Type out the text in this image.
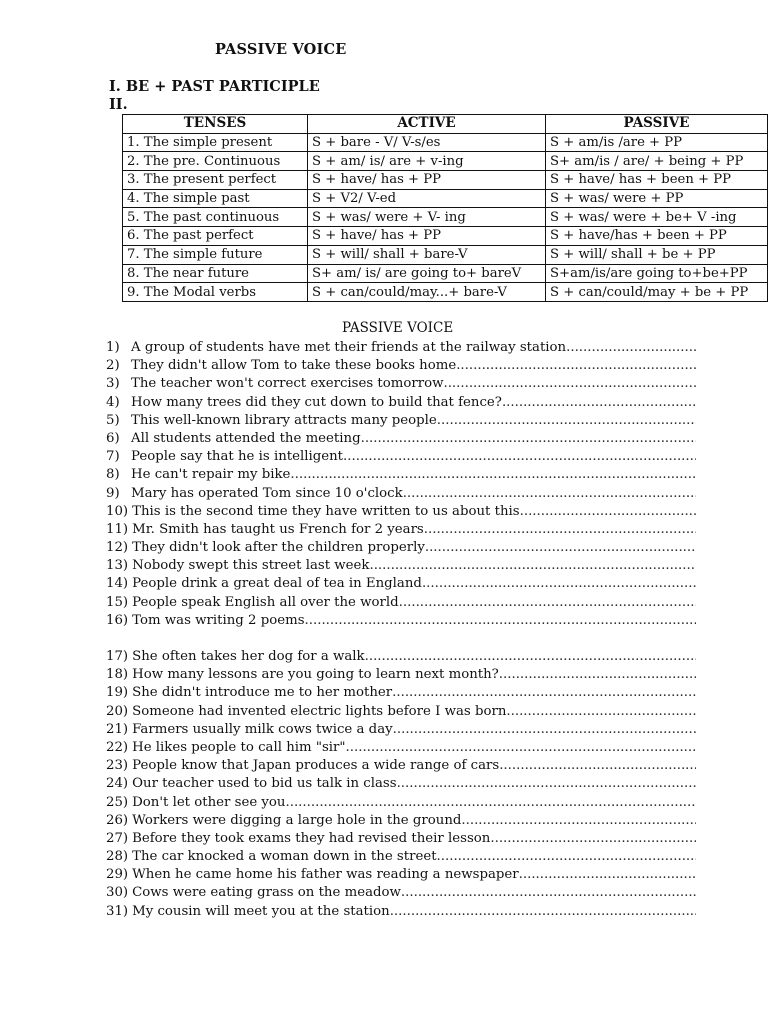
PASSIVE VOICE
I. BE + PAST PARTICIPLE
II.
TENSES	ACTIVE	PASSIVE
1. The simple present	S + bare - V/ V-s/es	S + am/is /are + PP
2. The pre. Continuous	S + am/ is/ are + v-ing	S+ am/is / are/ + being + PP
3. The present perfect	S + have/ has + PP	S + have/ has + been + PP
4. The simple past	S + V2/ V-ed	S + was/ were + PP
5. The past continuous	S + was/ were + V- ing	S + was/ were + be+ V -ing
6. The past perfect	S + have/ has + PP	S + have/has + been + PP
7. The simple future	S + will/ shall + bare-V	S + will/ shall + be + PP
8. The near future	S+ am/ is/ are going to+ bareV	S+am/is/are going to+be+PP
9. The Modal verbs	S + can/could/may...+ bare-V	S + can/could/may + be + PP
PASSIVE VOICE
1) A group of students have met their friends at the railway station
.....
2) They didn't allow Tom to take these books home
.....
3) The teacher won't correct exercises tomorrow
.....
4) How many trees did they cut down to build that fence?
.....
5) This well-known library attracts many people
.....
6) All students attended the meeting
.....
7) People say that he is intelligent
.....
8) He can't repair my bike
.....
9) Mary has operated Tom since 10 o'clock
.....
10) This is the second time they have written to us about this
.....
11) Mr. Smith has taught us French for 2 years
.....
12) They didn't look after the children properly
.....
13) Nobody swept this street last week
.....
14) People drink a great deal of tea in England
.....
15) People speak English all over the world
.....
16) Tom was writing 2 poems
.....
17) She often takes her dog for a walk
.....
18) How many lessons are you going to learn next month?
.....
19) She didn't introduce me to her mother
.....
20) Someone had invented electric lights before I was born
.....
21) Farmers usually milk cows twice a day
.....
22) He likes people to call him "sir"
.....
23) People know that Japan produces a wide range of cars
.....
24) Our teacher used to bid us talk in class
.....
25) Don't let other see you
.....
26) Workers were digging a large hole in the ground
.....
27) Before they took exams they had revised their lesson
.....
28) The car knocked a woman down in the street
.....
29) When he came home his father was reading a newspaper
.....
30) Cows were eating grass on the meadow
.....
31) My cousin will meet you at the station
.....
